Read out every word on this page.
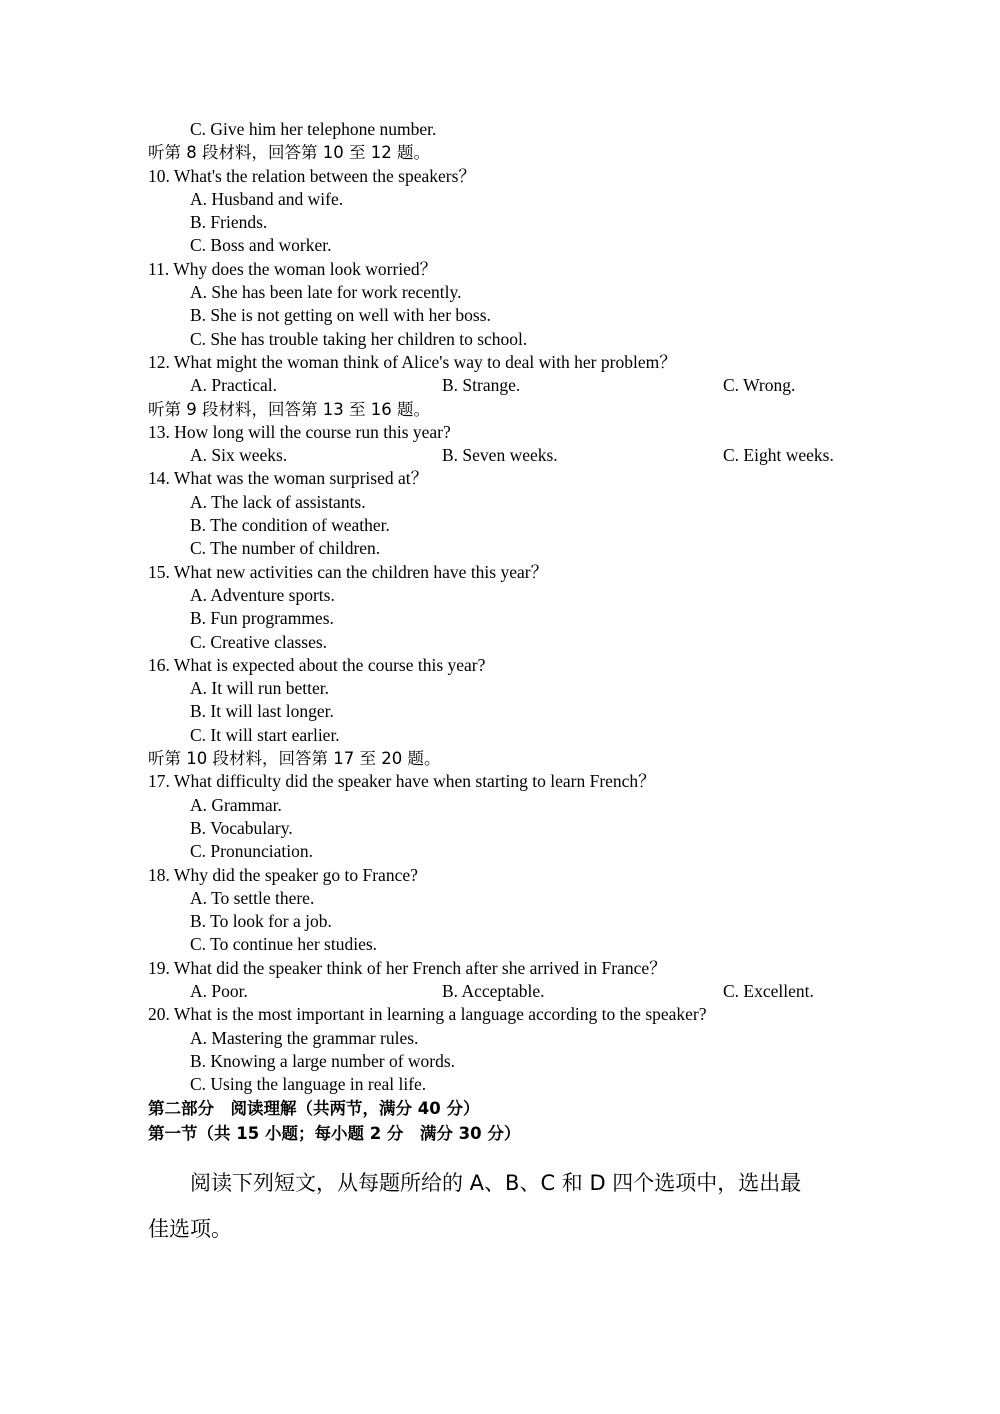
C. Give him her telephone number.
听第 8 段材料，回答第 10 至 12 题。
10. What's the relation between the speakers？
A. Husband and wife.
B. Friends.
C. Boss and worker.
11. Why does the woman look worried？
A. She has been late for work recently.
B. She is not getting on well with her boss.
C. She has trouble taking her children to school.
12. What might the woman think of Alice's way to deal with her problem？
A. Practical.	B. Strange.	C. Wrong.
听第 9 段材料，回答第 13 至 16 题。
13. How long will the course run this year?
A. Six weeks.	B. Seven weeks.	C. Eight weeks.
14. What was the woman surprised at？
A. The lack of assistants.
B. The condition of weather.
C. The number of children.
15. What new activities can the children have this year？
A. Adventure sports.
B. Fun programmes.
C. Creative classes.
16. What is expected about the course this year?
A. It will run better.
B. It will last longer.
C. It will start earlier.
听第 10 段材料，回答第 17 至 20 题。
17. What difficulty did the speaker have when starting to learn French？
A. Grammar.
B. Vocabulary.
C. Pronunciation.
18. Why did the speaker go to France?
A. To settle there.
B. To look for a job.
C. To continue her studies.
19. What did the speaker think of her French after she arrived in France？
A. Poor.	B. Acceptable.	C. Excellent.
20. What is the most important in learning a language according to the speaker?
A. Mastering the grammar rules.
B. Knowing a large number of words.
C. Using the language in real life.
第二部分　阅读理解（共两节，满分 40 分）
第一节（共 15 小题；每小题 2 分　满分 30 分）
阅读下列短文，从每题所给的 A、B、C 和 D 四个选项中，选出最
佳选项。
